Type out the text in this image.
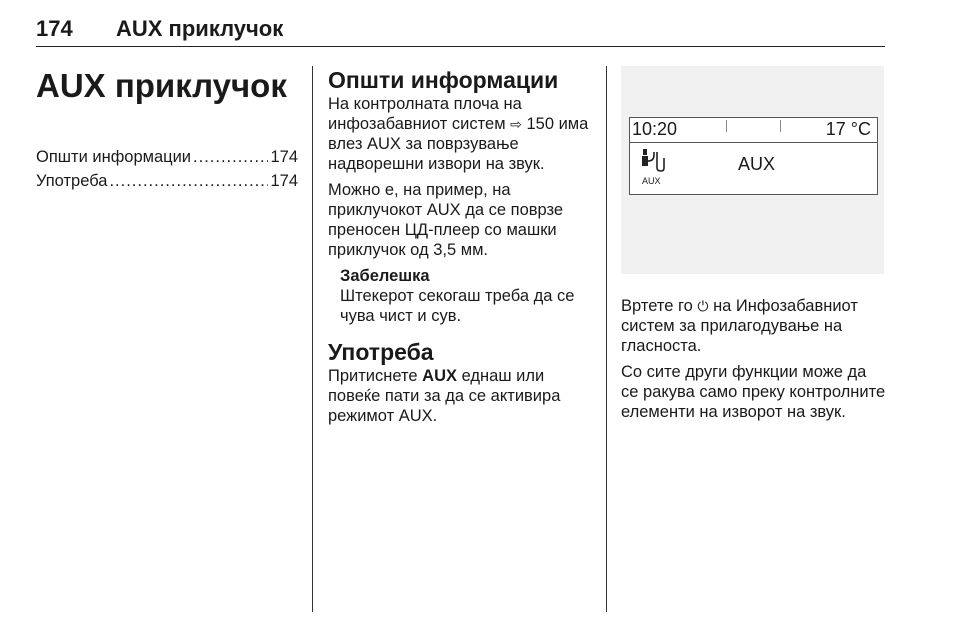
174 AUX приклучок
AUX приклучок
Општи информации .....	174
Употреба .....	174
Општи информации

На контролната плоча на инфозабавниот систем ⇨ 150 има влез AUX за поврзување надворешни извори на звук.

Можно е, на пример, на приклучокот AUX да се поврзе преносен ЦД-плеер со машки приклучок од 3,5 мм.

Забелешка

Штекерот секогаш треба да се чува чист и сув.

Употреба

Притиснете AUX еднаш или повеќе пати за да се активира режимот AUX.

10:20	17 °C
AUX
AUX

Вртете го ⏻ на Инфозабавниот систем за прилагодување на гласноста.

Со сите други функции може да се ракува само преку контролните елементи на изворот на звук.
